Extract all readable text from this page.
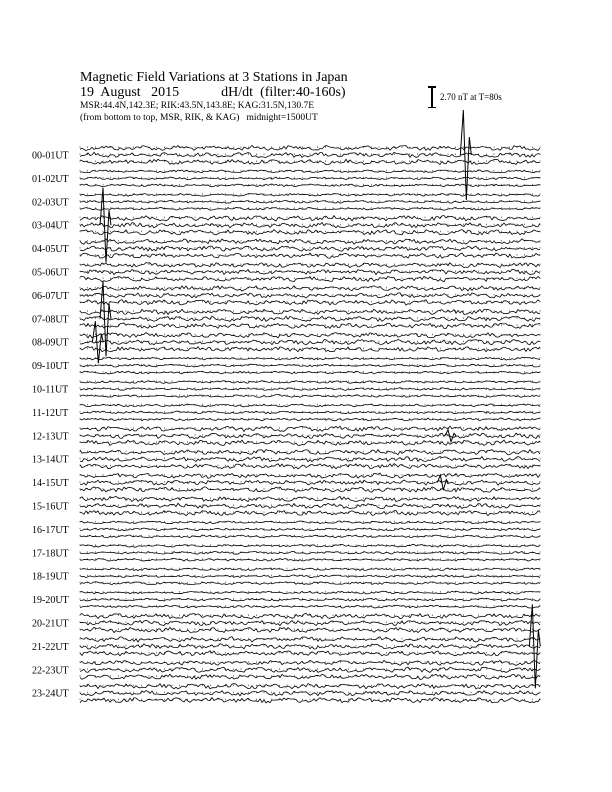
Magnetic Field Variations at 3 Stations in Japan
19  August   2015            dH/dt  (filter:40-160s)
MSR:44.4N,142.3E; RIK:43.5N,143.8E; KAG:31.5N,130.7E
(from bottom to top, MSR, RIK, & KAG)   midnight=1500UT
2.70 nT at T=80s
00-01UT
01-02UT
02-03UT
03-04UT
04-05UT
05-06UT
06-07UT
07-08UT
08-09UT
09-10UT
10-11UT
11-12UT
12-13UT
13-14UT
14-15UT
15-16UT
16-17UT
17-18UT
18-19UT
19-20UT
20-21UT
21-22UT
22-23UT
23-24UT
